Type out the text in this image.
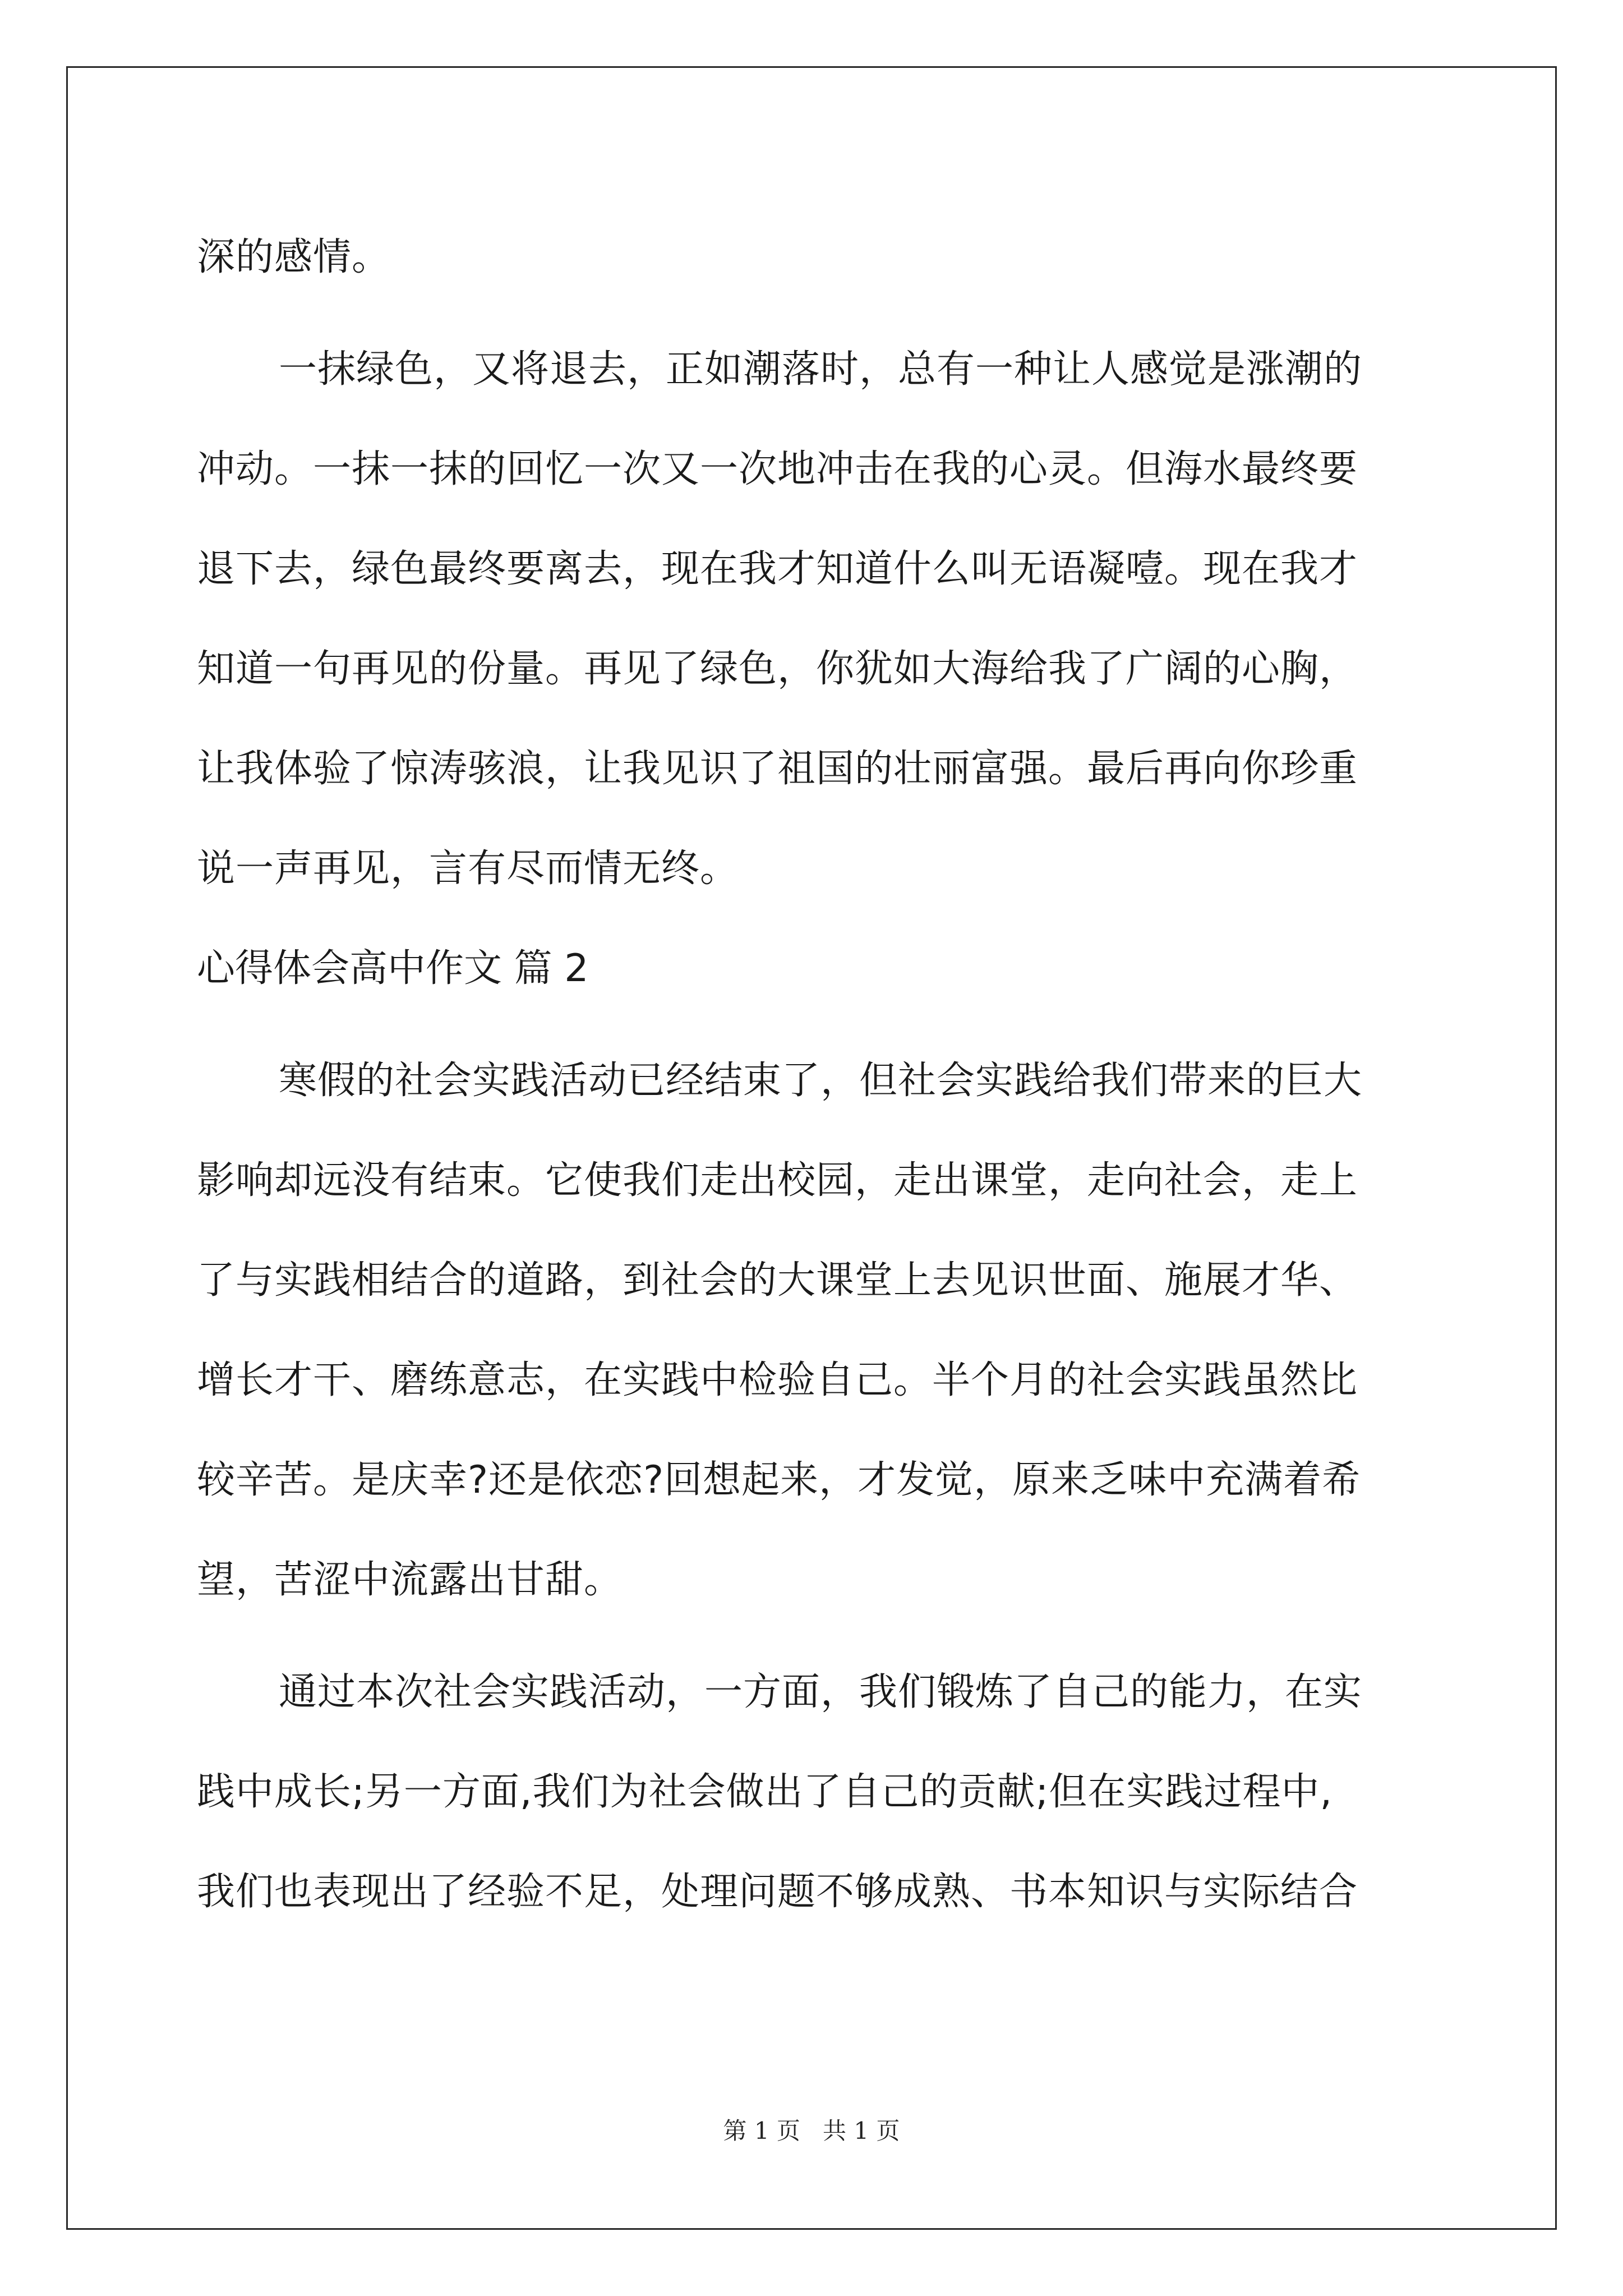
深的感情。
一抹绿色，又将退去，正如潮落时，总有一种让人感觉是涨潮的
冲动。一抹一抹的回忆一次又一次地冲击在我的心灵。但海水最终要
退下去，绿色最终要离去，现在我才知道什么叫无语凝噎。现在我才
知道一句再见的份量。再见了绿色，你犹如大海给我了广阔的心胸，
让我体验了惊涛骇浪，让我见识了祖国的壮丽富强。最后再向你珍重
说一声再见，言有尽而情无终。
心得体会高中作文 篇 2
寒假的社会实践活动已经结束了，但社会实践给我们带来的巨大
影响却远没有结束。它使我们走出校园，走出课堂，走向社会，走上
了与实践相结合的道路，到社会的大课堂上去见识世面、施展才华、
增长才干、磨练意志，在实践中检验自己。半个月的社会实践虽然比
较辛苦。是庆幸?还是依恋?回想起来，才发觉，原来乏味中充满着希
望，苦涩中流露出甘甜。
通过本次社会实践活动，一方面，我们锻炼了自己的能力，在实
践中成长;另一方面,我们为社会做出了自己的贡献;但在实践过程中,
我们也表现出了经验不足，处理问题不够成熟、书本知识与实际结合
第 1 页   共 1 页
